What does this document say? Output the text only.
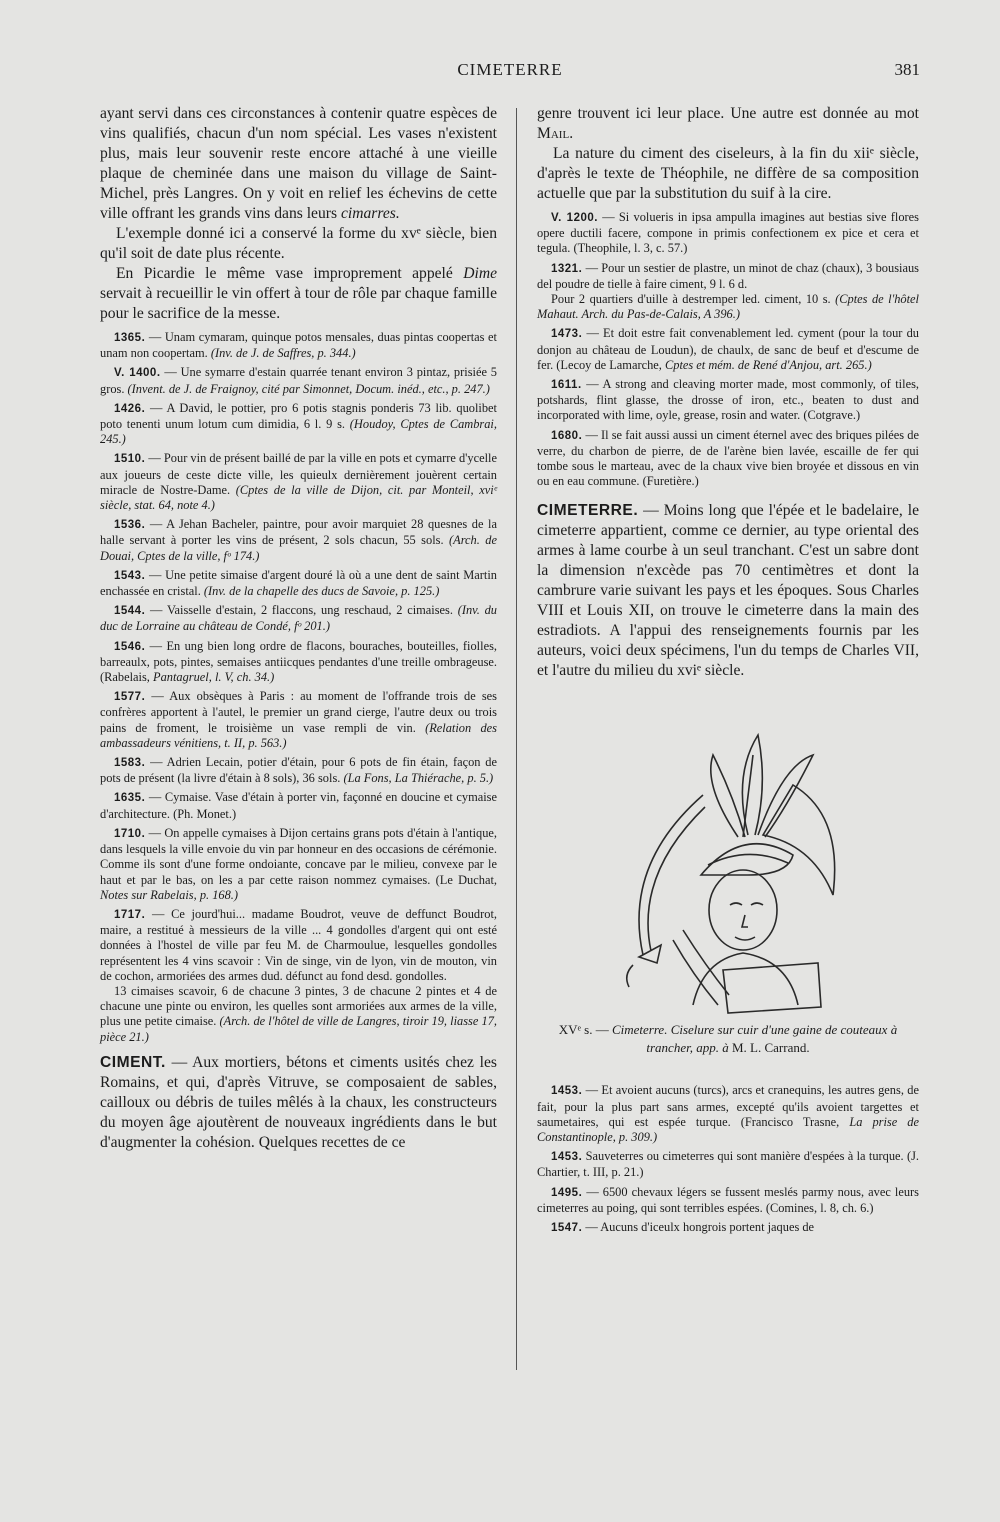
CIMETERRE	381

ayant servi dans ces circonstances à contenir quatre espèces de vins qualifiés, chacun d'un nom spécial. Les vases n'existent plus, mais leur souvenir reste encore attaché à une vieille plaque de cheminée dans une maison du village de Saint-Michel, près Langres. On y voit en relief les échevins de cette ville offrant les grands vins dans leurs cimarres.

L'exemple donné ici a conservé la forme du xvᵉ siècle, bien qu'il soit de date plus récente.

En Picardie le même vase improprement appelé Dime servait à recueillir le vin offert à tour de rôle par chaque famille pour le sacrifice de la messe.

1365. — Unam cymaram, quinque potos mensales, duas pintas coopertas et unam non coopertam. (Inv. de J. de Saffres, p. 344.)

V. 1400. — Une symarre d'estain quarrée tenant environ 3 pintaz, prisiée 5 gros. (Invent. de J. de Fraignoy, cité par Simonnet, Docum. inéd., etc., p. 247.)

1426. — A David, le pottier, pro 6 potis stagnis ponderis 73 lib. quolibet poto tenenti unum lotum cum dimidia, 6 l. 9 s. (Houdoy, Cptes de Cambrai, 245.)

1510. — Pour vin de présent baillé de par la ville en pots et cymarre d'ycelle aux joueurs de ceste dicte ville, les quieulx dernièrement jouèrent certain miracle de Nostre-Dame. (Cptes de la ville de Dijon, cit. par Monteil, xviᵉ siècle, stat. 64, note 4.)

1536. — A Jehan Bacheler, paintre, pour avoir marquiet 28 quesnes de la halle servant à porter les vins de présent, 2 sols chacun, 55 sols. (Arch. de Douai, Cptes de la ville, fᵒ 174.)

1543. — Une petite simaise d'argent douré là où a une dent de saint Martin enchassée en cristal. (Inv. de la chapelle des ducs de Savoie, p. 125.)

1544. — Vaisselle d'estain, 2 flaccons, ung reschaud, 2 cimaises. (Inv. du duc de Lorraine au château de Condé, fᵒ 201.)

1546. — En ung bien long ordre de flacons, bouraches, bouteilles, fiolles, barreaulx, pots, pintes, semaises antiicques pendantes d'une treille ombrageuse. (Rabelais, Pantagruel, l. V, ch. 34.)

1577. — Aux obsèques à Paris : au moment de l'offrande trois de ses confrères apportent à l'autel, le premier un grand cierge, l'autre deux ou trois pains de froment, le troisième un vase rempli de vin. (Relation des ambassadeurs vénitiens, t. II, p. 563.)

1583. — Adrien Lecain, potier d'étain, pour 6 pots de fin étain, façon de pots de présent (la livre d'étain à 8 sols), 36 sols. (La Fons, La Thiérache, p. 5.)

1635. — Cymaise. Vase d'étain à porter vin, façonné en doucine et cymaise d'architecture. (Ph. Monet.)

1710. — On appelle cymaises à Dijon certains grans pots d'étain à l'antique, dans lesquels la ville envoie du vin par honneur en des occasions de cérémonie. Comme ils sont d'une forme ondoiante, concave par le milieu, convexe par le haut et par le bas, on les a par cette raison nommez cymaises. (Le Duchat, Notes sur Rabelais, p. 168.)

1717. — Ce jourd'hui... madame Boudrot, veuve de deffunct Boudrot, maire, a restitué à messieurs de la ville ... 4 gondolles d'argent qui ont esté données à l'hostel de ville par feu M. de Charmoulue, lesquelles gondolles représentent les 4 vins scavoir : Vin de singe, vin de lyon, vin de mouton, vin de cochon, armoriées des armes dud. défunct au fond desd. gondolles.

13 cimaises scavoir, 6 de chacune 3 pintes, 3 de chacune 2 pintes et 4 de chacune une pinte ou environ, les quelles sont armoriées aux armes de la ville, plus une petite cimaise. (Arch. de l'hôtel de ville de Langres, tiroir 19, liasse 17, pièce 21.)

CIMENT. — Aux mortiers, bétons et ciments usités chez les Romains, et qui, d'après Vitruve, se composaient de sables, cailloux ou débris de tuiles mêlés à la chaux, les constructeurs du moyen âge ajoutèrent de nouveaux ingrédients dans le but d'augmenter la cohésion. Quelques recettes de ce

genre trouvent ici leur place. Une autre est donnée au mot Mail.

La nature du ciment des ciseleurs, à la fin du xiiᵉ siècle, d'après le texte de Théophile, ne diffère de sa composition actuelle que par la substitution du suif à la cire.

V. 1200. — Si volueris in ipsa ampulla imagines aut bestias sive flores opere ductili facere, compone in primis confectionem ex pice et cera et tegula. (Theophile, l. 3, c. 57.)

1321. — Pour un sestier de plastre, un minot de chaz (chaux), 3 bousiaus del poudre de tielle à faire ciment, 9 l. 6 d.

Pour 2 quartiers d'uille à destremper led. ciment, 10 s. (Cptes de l'hôtel Mahaut. Arch. du Pas-de-Calais, A 396.)

1473. — Et doit estre fait convenablement led. cyment (pour la tour du donjon au château de Loudun), de chaulx, de sanc de beuf et d'escume de fer. (Lecoy de Lamarche, Cptes et mém. de René d'Anjou, art. 265.)

1611. — A strong and cleaving morter made, most commonly, of tiles, potshards, flint glasse, the drosse of iron, etc., beaten to dust and incorporated with lime, oyle, grease, rosin and water. (Cotgrave.)

1680. — Il se fait aussi aussi un ciment éternel avec des briques pilées de verre, du charbon de pierre, de de l'arène bien lavée, escaille de fer qui tombe sous le marteau, avec de la chaux vive bien broyée et dissous en vin ou en eau commune. (Furetière.)

CIMETERRE. — Moins long que l'épée et le badelaire, le cimeterre appartient, comme ce dernier, au type oriental des armes à lame courbe à un seul tranchant. C'est un sabre dont la dimension n'excède pas 70 centimètres et dont la cambrure varie suivant les pays et les époques. Sous Charles VIII et Louis XII, on trouve le cimeterre dans la main des estradiots. A l'appui des renseignements fournis par les auteurs, voici deux spécimens, l'un du temps de Charles VII, et l'autre du milieu du xviᵉ siècle.

XVᵉ s. — Cimeterre. Ciselure sur cuir d'une gaine de couteaux à trancher, app. à M. L. Carrand.

1453. — Et avoient aucuns (turcs), arcs et cranequins, les autres gens, de fait, pour la plus part sans armes, excepté qu'ils avoient targettes et saumetaires, qui est espée turque. (Francisco Trasne, La prise de Constantinople, p. 309.)

1453. Sauveterres ou cimeterres qui sont manière d'espées à la turque. (J. Chartier, t. III, p. 21.)

1495. — 6500 chevaux légers se fussent meslés parmy nous, avec leurs cimeterres au poing, qui sont terribles espées. (Comines, l. 8, ch. 6.)

1547. — Aucuns d'iceulx hongrois portent jaques de
